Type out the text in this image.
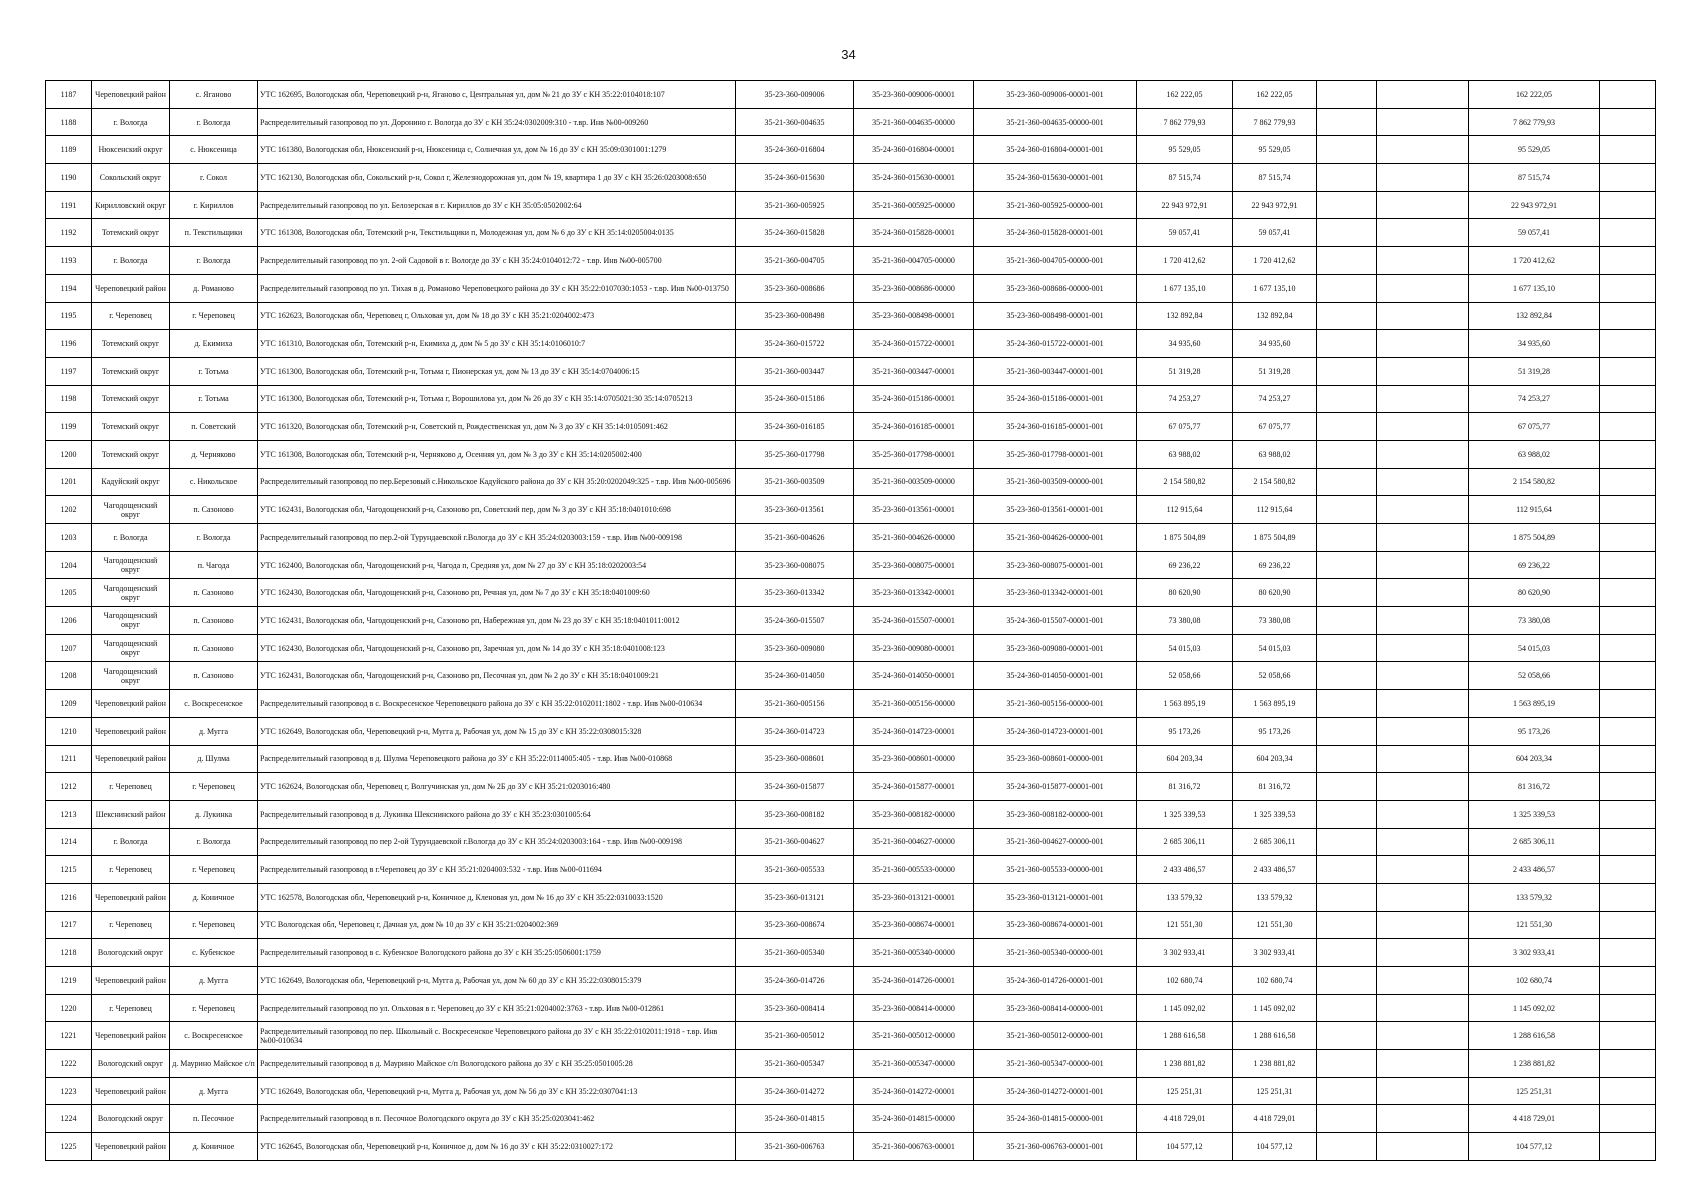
34
1187	Череповецкий район	с. Яганово	УТС 162695, Вологодская обл, Череповецкий р-н, Яганово с, Центральная ул, дом № 21 до ЗУ с КН 35:22:0104018:107	35-23-360-009006	35-23-360-009006-00001	35-23-360-009006-00001-001	162 222,05	162 222,05			162 222,05	
1188	г. Вологда	г. Вологда	Распределительный газопровод по ул. Доронино г. Вологда до ЗУ с КН 35:24:0302009:310 - т.вр. Инв №00-009260	35-21-360-004635	35-21-360-004635-00000	35-21-360-004635-00000-001	7 862 779,93	7 862 779,93			7 862 779,93	
1189	Нюксенский округ	с. Нюксеница	УТС 161380, Вологодская обл, Нюксенский р-н, Нюксеница с, Солнечная ул, дом № 16 до ЗУ с КН 35:09:0301001:1279	35-24-360-016804	35-24-360-016804-00001	35-24-360-016804-00001-001	95 529,05	95 529,05			95 529,05	
1190	Сокольский округ	г. Сокол	УТС 162130, Вологодская обл, Сокольский р-н, Сокол г, Железнодорожная ул, дом № 19, квартира 1 до ЗУ с КН 35:26:0203008:650	35-24-360-015630	35-24-360-015630-00001	35-24-360-015630-00001-001	87 515,74	87 515,74			87 515,74	
1191	Кирилловский округ	г. Кириллов	Распределительный газопровод по ул. Белозерская в г. Кириллов до ЗУ с КН 35:05:0502002:64	35-21-360-005925	35-21-360-005925-00000	35-21-360-005925-00000-001	22 943 972,91	22 943 972,91			22 943 972,91	
1192	Тотемский округ	п. Текстильщики	УТС 161308, Вологодская обл, Тотемский р-н, Текстильщики п, Молодежная ул, дом № 6 до ЗУ с КН 35:14:0205004:0135	35-24-360-015828	35-24-360-015828-00001	35-24-360-015828-00001-001	59 057,41	59 057,41			59 057,41	
1193	г. Вологда	г. Вологда	Распределительный газопровод по ул. 2-ой Садовой в г. Вологде до ЗУ с КН 35:24:0104012:72 - т.вр. Инв №00-005700	35-21-360-004705	35-21-360-004705-00000	35-21-360-004705-00000-001	1 720 412,62	1 720 412,62			1 720 412,62	
1194	Череповецкий район	д. Романово	Распределительный газопровод по ул. Тихая в д. Романово Череповецкого района до ЗУ с КН 35:22:0107030:1053 - т.вр. Инв №00-013750	35-23-360-008686	35-23-360-008686-00000	35-23-360-008686-00000-001	1 677 135,10	1 677 135,10			1 677 135,10	
1195	г. Череповец	г. Череповец	УТС 162623, Вологодская обл, Череповец г, Ольховая ул, дом № 18 до ЗУ с КН 35:21:0204002:473	35-23-360-008498	35-23-360-008498-00001	35-23-360-008498-00001-001	132 892,84	132 892,84			132 892,84	
1196	Тотемский округ	д. Екимиха	УТС 161310, Вологодская обл, Тотемский р-н, Екимиха д, дом № 5 до ЗУ с КН 35:14:0106010:7	35-24-360-015722	35-24-360-015722-00001	35-24-360-015722-00001-001	34 935,60	34 935,60			34 935,60	
1197	Тотемский округ	г. Тотьма	УТС 161300, Вологодская обл, Тотемский р-н, Тотьма г, Пионерская ул, дом № 13 до ЗУ с КН 35:14:0704006:15	35-21-360-003447	35-21-360-003447-00001	35-21-360-003447-00001-001	51 319,28	51 319,28			51 319,28	
1198	Тотемский округ	г. Тотьма	УТС 161300, Вологодская обл, Тотемский р-н, Тотьма г, Ворошилова ул, дом № 26 до ЗУ с КН 35:14:0705021:30 35:14:0705213	35-24-360-015186	35-24-360-015186-00001	35-24-360-015186-00001-001	74 253,27	74 253,27			74 253,27	
1199	Тотемский округ	п. Советский	УТС 161320, Вологодская обл, Тотемский р-н, Советский п, Рождественская ул, дом № 3 до ЗУ с КН 35:14:0105091:462	35-24-360-016185	35-24-360-016185-00001	35-24-360-016185-00001-001	67 075,77	67 075,77			67 075,77	
1200	Тотемский округ	д. Черняково	УТС 161308, Вологодская обл, Тотемский р-н, Черняково д, Осенняя ул, дом № 3 до ЗУ с КН 35:14:0205002:400	35-25-360-017798	35-25-360-017798-00001	35-25-360-017798-00001-001	63 988,02	63 988,02			63 988,02	
1201	Кадуйский округ	с. Никольское	Распределительный газопровод по пер.Березовый с.Никольское Кадуйского района до ЗУ с КН 35:20:0202049:325 - т.вр. Инв №00-005696	35-21-360-003509	35-21-360-003509-00000	35-21-360-003509-00000-001	2 154 580,82	2 154 580,82			2 154 580,82	
1202	Чагодощенский округ	п. Сазоново	УТС 162431, Вологодская обл, Чагодощенский р-н, Сазоново рп, Советский пер, дом № 3 до ЗУ с КН 35:18:0401010:698	35-23-360-013561	35-23-360-013561-00001	35-23-360-013561-00001-001	112 915,64	112 915,64			112 915,64	
1203	г. Вологда	г. Вологда	Распределительный газопровод по пер.2-ой Турундаевской г.Вологда до ЗУ с КН 35:24:0203003:159 - т.вр. Инв №00-009198	35-21-360-004626	35-21-360-004626-00000	35-21-360-004626-00000-001	1 875 504,89	1 875 504,89			1 875 504,89	
1204	Чагодощенский округ	п. Чагода	УТС 162400, Вологодская обл, Чагодощенский р-н, Чагода п, Средняя ул, дом № 27 до ЗУ с КН 35:18:0202003:54	35-23-360-008075	35-23-360-008075-00001	35-23-360-008075-00001-001	69 236,22	69 236,22			69 236,22	
1205	Чагодощенский округ	п. Сазоново	УТС 162430, Вологодская обл, Чагодощенский р-н, Сазоново рп, Речная ул, дом № 7 до ЗУ с КН 35:18:0401009:60	35-23-360-013342	35-23-360-013342-00001	35-23-360-013342-00001-001	80 620,90	80 620,90			80 620,90	
1206	Чагодощенский округ	п. Сазоново	УТС 162431, Вологодская обл, Чагодощенский р-н, Сазоново рп, Набережная ул, дом № 23 до ЗУ с КН 35:18:0401011:0012	35-24-360-015507	35-24-360-015507-00001	35-24-360-015507-00001-001	73 380,08	73 380,08			73 380,08	
1207	Чагодощенский округ	п. Сазоново	УТС 162430, Вологодская обл, Чагодощенский р-н, Сазоново рп, Заречная ул, дом № 14 до ЗУ с КН 35:18:0401008:123	35-23-360-009080	35-23-360-009080-00001	35-23-360-009080-00001-001	54 015,03	54 015,03			54 015,03	
1208	Чагодощенский округ	п. Сазоново	УТС 162431, Вологодская обл, Чагодощенский р-н, Сазоново рп, Песочная ул, дом № 2 до ЗУ с КН 35:18:0401009:21	35-24-360-014050	35-24-360-014050-00001	35-24-360-014050-00001-001	52 058,66	52 058,66			52 058,66	
1209	Череповецкий район	с. Воскресенское	Распределительный газопровод в с. Воскресенское Череповецкого района до ЗУ с КН 35:22:0102011:1802 - т.вр. Инв №00-010634	35-21-360-005156	35-21-360-005156-00000	35-21-360-005156-00000-001	1 563 895,19	1 563 895,19			1 563 895,19	
1210	Череповецкий район	д. Мугга	УТС 162649, Вологодская обл, Череповецкий р-н, Мугга д, Рабочая ул, дом № 15 до ЗУ с КН 35:22:0308015:328	35-24-360-014723	35-24-360-014723-00001	35-24-360-014723-00001-001	95 173,26	95 173,26			95 173,26	
1211	Череповецкий район	д. Шулма	Распределительный газопровод в д. Шулма Череповецкого района до ЗУ с КН 35:22:0114005:405 - т.вр. Инв №00-010868	35-23-360-008601	35-23-360-008601-00000	35-23-360-008601-00000-001	604 203,34	604 203,34			604 203,34	
1212	г. Череповец	г. Череповец	УТС 162624, Вологодская обл, Череповец г, Волгучинская ул, дом № 2Б до ЗУ с КН 35:21:0203016:480	35-24-360-015877	35-24-360-015877-00001	35-24-360-015877-00001-001	81 316,72	81 316,72			81 316,72	
1213	Шекснинский район	д. Лукинка	Распределительный газопровод в д. Лукинка Шекснинского района до ЗУ с КН 35:23:0301005:64	35-23-360-008182	35-23-360-008182-00000	35-23-360-008182-00000-001	1 325 339,53	1 325 339,53			1 325 339,53	
1214	г. Вологда	г. Вологда	Распределительный газопровод по пер 2-ой Турундаевской г.Вологда до ЗУ с КН 35:24:0203003:164 - т.вр. Инв №00-009198	35-21-360-004627	35-21-360-004627-00000	35-21-360-004627-00000-001	2 685 306,11	2 685 306,11			2 685 306,11	
1215	г. Череповец	г. Череповец	Распределительный газопровод в г.Череповец до ЗУ с КН 35:21:0204003:532 - т.вр. Инв №00-011694	35-21-360-005533	35-21-360-005533-00000	35-21-360-005533-00000-001	2 433 486,57	2 433 486,57			2 433 486,57	
1216	Череповецкий район	д. Коничное	УТС 162578, Вологодская обл, Череповецкий р-н, Коничное д, Кленовая ул, дом № 16 до ЗУ с КН 35:22:0310033:1520	35-23-360-013121	35-23-360-013121-00001	35-23-360-013121-00001-001	133 579,32	133 579,32			133 579,32	
1217	г. Череповец	г. Череповец	УТС Вологодская обл, Череповец г, Дачная ул, дом № 10 до ЗУ с КН 35:21:0204002:369	35-23-360-008674	35-23-360-008674-00001	35-23-360-008674-00001-001	121 551,30	121 551,30			121 551,30	
1218	Вологодский округ	с. Кубенское	Распределительный газопровод в с. Кубенское Вологодского района до ЗУ с КН 35:25:0506001:1759	35-21-360-005340	35-21-360-005340-00000	35-21-360-005340-00000-001	3 302 933,41	3 302 933,41			3 302 933,41	
1219	Череповецкий район	д. Мугга	УТС 162649, Вологодская обл, Череповецкий р-н, Мугга д, Рабочая ул, дом № 60 до ЗУ с КН 35:22:0308015:379	35-24-360-014726	35-24-360-014726-00001	35-24-360-014726-00001-001	102 680,74	102 680,74			102 680,74	
1220	г. Череповец	г. Череповец	Распределительный газопровод по ул. Ольховая в г. Череповец до ЗУ с КН 35:21:0204002:3763 - т.вр. Инв №00-012861	35-23-360-008414	35-23-360-008414-00000	35-23-360-008414-00000-001	1 145 092,02	1 145 092,02			1 145 092,02	
1221	Череповецкий район	с. Воскресенское	Распределительный газопровод по пер. Школьный с. Воскресенское Череповецкого района до ЗУ с КН 35:22:0102011:1918 - т.вр. Инв №00-010634	35-21-360-005012	35-21-360-005012-00000	35-21-360-005012-00000-001	1 288 616,58	1 288 616,58			1 288 616,58	
1222	Вологодский округ	д. Маурино Майское с/п	Распределительный газопровод в д. Маурино Майское с/п Вологодского района до ЗУ с КН 35:25:0501005:28	35-21-360-005347	35-21-360-005347-00000	35-21-360-005347-00000-001	1 238 881,82	1 238 881,82			1 238 881,82	
1223	Череповецкий район	д. Мугга	УТС 162649, Вологодская обл, Череповецкий р-н, Мугга д, Рабочая ул, дом № 56 до ЗУ с КН 35:22:0307041:13	35-24-360-014272	35-24-360-014272-00001	35-24-360-014272-00001-001	125 251,31	125 251,31			125 251,31	
1224	Вологодский округ	п. Песочное	Распределительный газопровод в п. Песочное Вологодского округа до ЗУ с КН 35:25:0203041:462	35-24-360-014815	35-24-360-014815-00000	35-24-360-014815-00000-001	4 418 729,01	4 418 729,01			4 418 729,01	
1225	Череповецкий район	д. Коничное	УТС 162645, Вологодская обл, Череповецкий р-н, Коничное д, дом № 16 до ЗУ с КН 35:22:0310027:172	35-21-360-006763	35-21-360-006763-00001	35-21-360-006763-00001-001	104 577,12	104 577,12			104 577,12	
